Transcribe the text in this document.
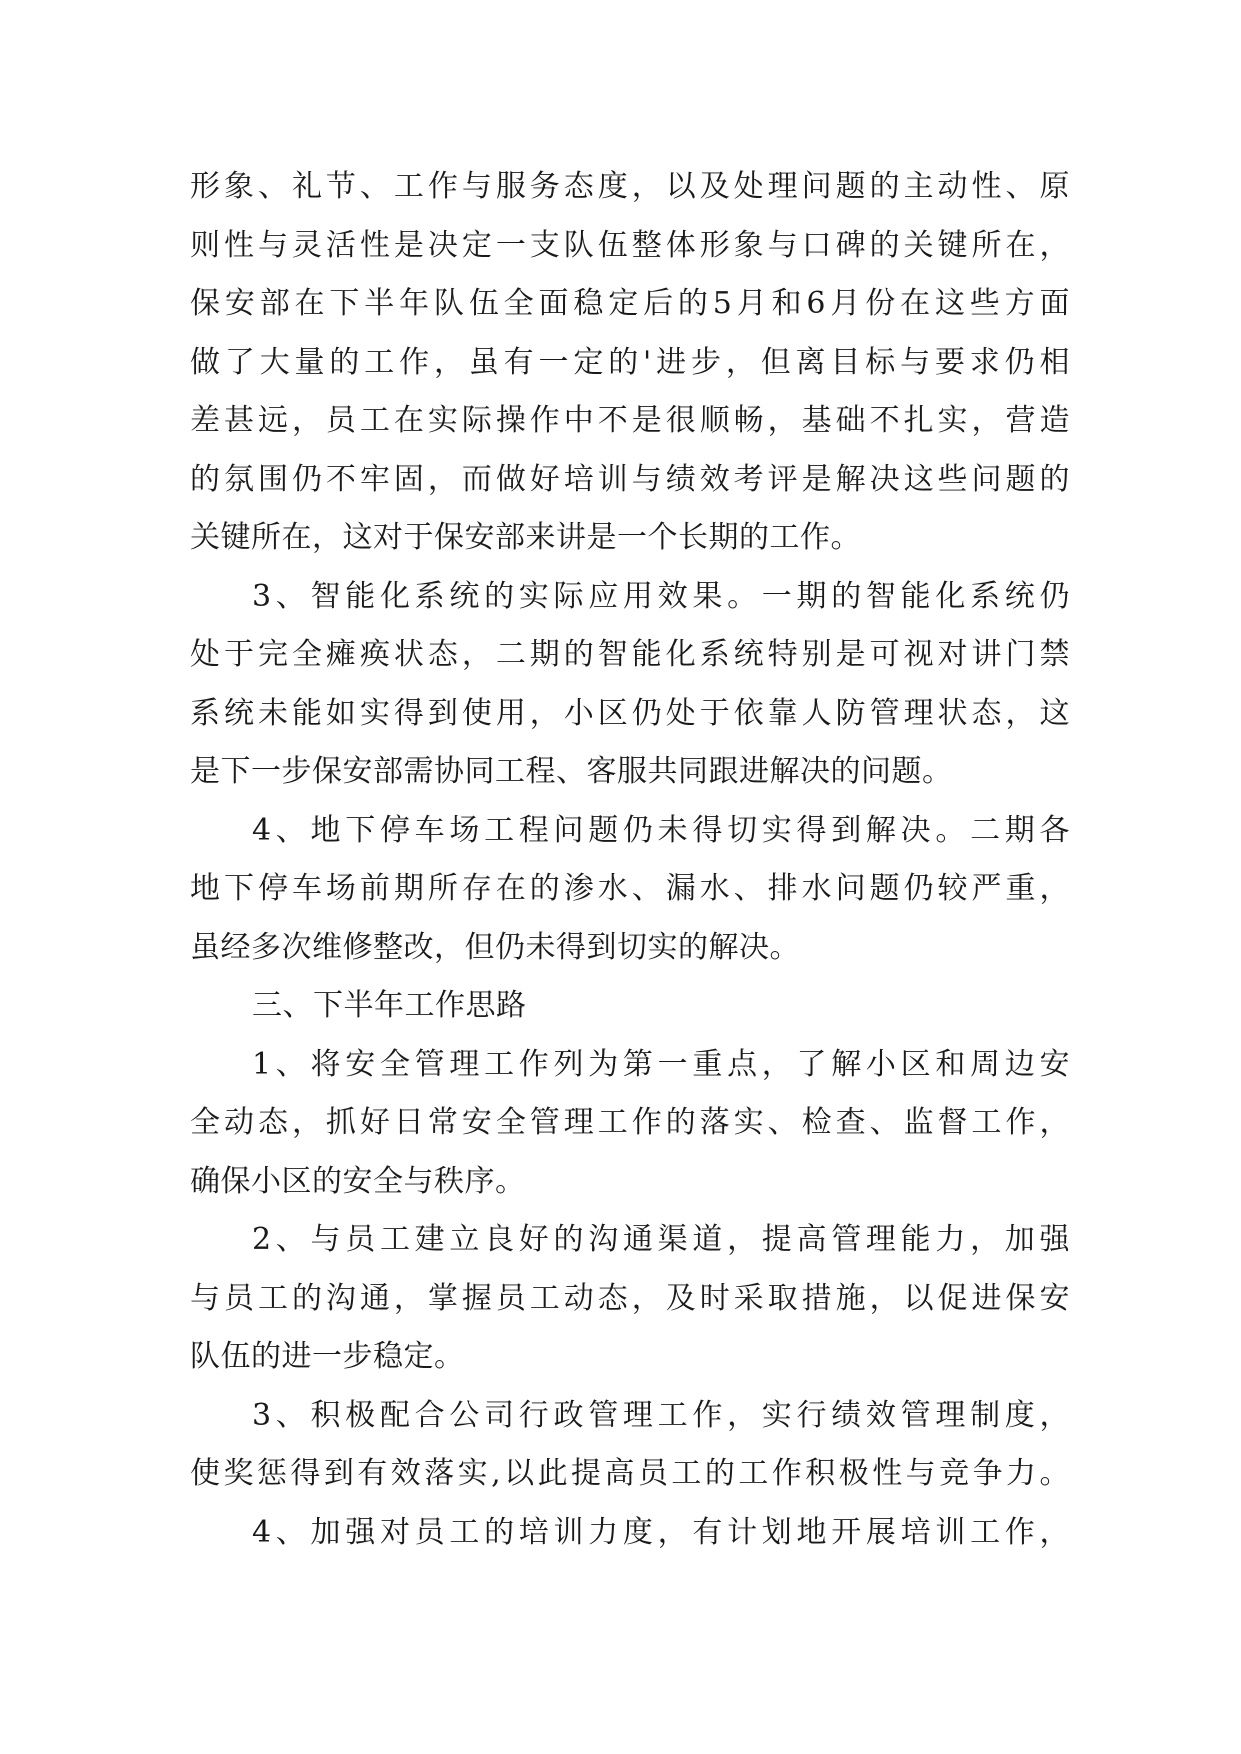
形象、礼节、工作与服务态度，以及处理问题的主动性、原
则性与灵活性是决定一支队伍整体形象与口碑的关键所在，
保安部在下半年队伍全面稳定后的5月和6月份在这些方面
做了大量的工作，虽有一定的'进步，但离目标与要求仍相
差甚远，员工在实际操作中不是很顺畅，基础不扎实，营造
的氛围仍不牢固，而做好培训与绩效考评是解决这些问题的
关键所在，这对于保安部来讲是一个长期的工作。
3、智能化系统的实际应用效果。一期的智能化系统仍
处于完全瘫痪状态，二期的智能化系统特别是可视对讲门禁
系统未能如实得到使用，小区仍处于依靠人防管理状态，这
是下一步保安部需协同工程、客服共同跟进解决的问题。
4、地下停车场工程问题仍未得切实得到解决。二期各
地下停车场前期所存在的渗水、漏水、排水问题仍较严重，
虽经多次维修整改，但仍未得到切实的解决。
三、下半年工作思路
1、将安全管理工作列为第一重点，了解小区和周边安
全动态，抓好日常安全管理工作的落实、检查、监督工作，
确保小区的安全与秩序。
2、与员工建立良好的沟通渠道，提高管理能力，加强
与员工的沟通，掌握员工动态，及时采取措施，以促进保安
队伍的进一步稳定。
3、积极配合公司行政管理工作，实行绩效管理制度，
使奖惩得到有效落实,以此提高员工的工作积极性与竞争力。
4、加强对员工的培训力度，有计划地开展培训工作，
